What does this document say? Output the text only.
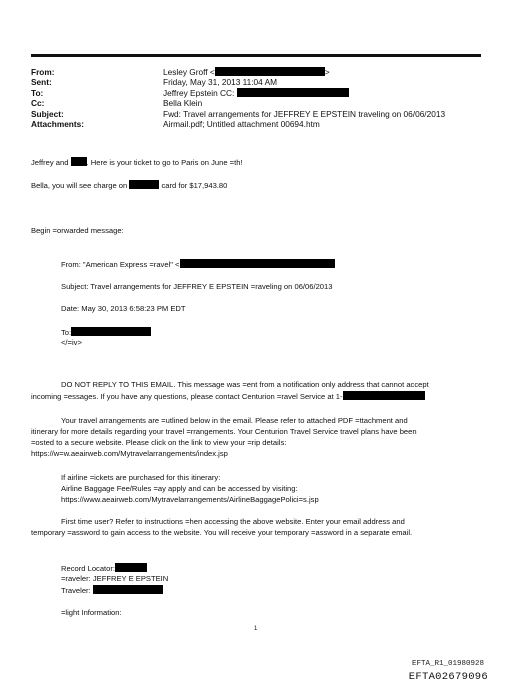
From:	Lesley Groff <	>
Sent:	Friday, May 31, 2013 11:04 AM
To:	Jeffrey Epstein CC:
Cc:	Bella Klein
Subject:	Fwd: Travel arrangements for JEFFREY E EPSTEIN traveling on 06/06/2013
Attachments:	Airmail.pdf; Untitled attachment 00694.htm
Jeffrey and . Here is your ticket to go to Paris on June =th!
Bella, you will see charge on	card for $17,943.80
Begin =orwarded message:
From: "American Express =ravel" <
Subject: Travel arrangements for JEFFREY E EPSTEIN =raveling on 06/06/2013
Date: May 30, 2013 6:58:23 PM EDT
To:
</=iv>
DO NOT REPLY TO THIS EMAIL. This message was =ent from a notification only address that cannot accept
incoming =essages. If you have any questions, please contact Centurion =ravel Service at 1-
Your travel arrangements are =utlined below in the email. Please refer to attached PDF =ttachment and
itinerary for more details regarding your travel =rrangements. Your Centurion Travel Service travel plans have been
=osted to a secure website. Please click on the link to view your =rip details:
https://w=w.aeairweb.com/Mytravelarrangements/index.jsp
If airline =ickets are purchased for this itinerary:
Airline Baggage Fee/Rules =ay apply and can be accessed by visiting:
https://www.aeairweb.com/Mytravelarrangements/AirlineBaggagePolici=s.jsp
First time user? Refer to instructions =hen accessing the above website. Enter your email address and
temporary =assword to gain access to the website. You will receive your temporary =assword in a separate email.
Record Locator:
=raveler: JEFFREY E EPSTEIN
Traveler:
=light Information:
1
EFTA_R1_01980928
EFTA02679096
